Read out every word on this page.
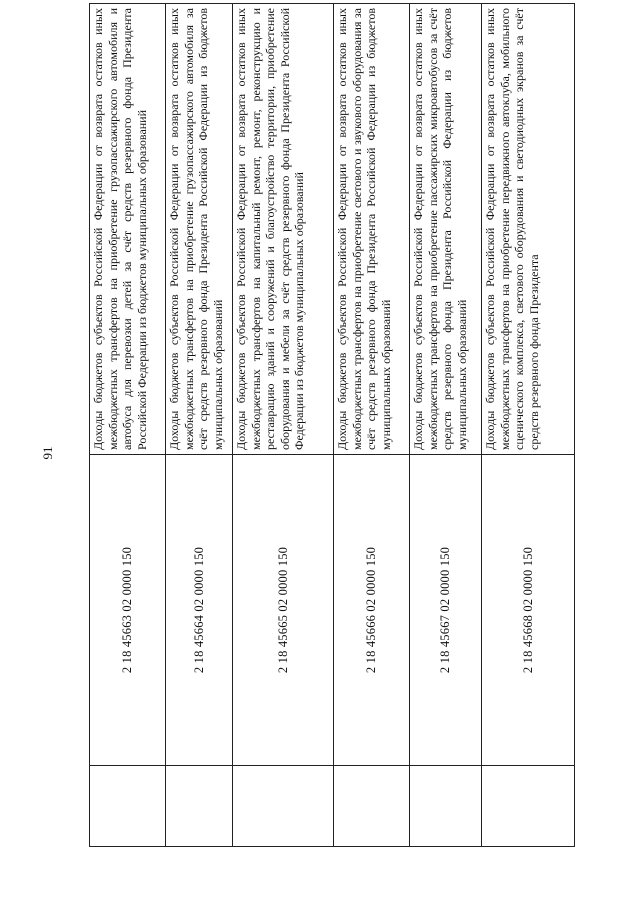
91
	2 18 45663 02 0000 150	Доходы бюджетов субъектов Российской Федерации от возврата остатков иных межбюджетных трансфертов на приобретение грузопассажирского автомобиля и автобуса для перевозки детей за счёт средств резервного фонда Президента Российской Федерации из бюджетов муниципальных образований
	2 18 45664 02 0000 150	Доходы бюджетов субъектов Российской Федерации от возврата остатков иных межбюджетных трансфертов на приобретение грузопассажирского автомобиля за счёт средств резервного фонда Президента Российской Федерации из бюджетов муниципальных образований
	2 18 45665 02 0000 150	Доходы бюджетов субъектов Российской Федерации от возврата остатков иных межбюджетных трансфертов на капитальный ремонт, ремонт, реконструкцию и реставрацию зданий и сооружений и благоустройство территории, приобретение оборудования и мебели за счёт средств резервного фонда Президента Российской Федерации из бюджетов муниципальных образований
	2 18 45666 02 0000 150	Доходы бюджетов субъектов Российской Федерации от возврата остатков иных межбюджетных трансфертов на приобретение светового и звукового оборудования за счёт средств резервного фонда Президента Российской Федерации из бюджетов муниципальных образований
	2 18 45667 02 0000 150	Доходы бюджетов субъектов Российской Федерации от возврата остатков иных межбюджетных трансфертов на приобретение пассажирских микроавтобусов за счёт средств резервного фонда Президента Российской Федерации из бюджетов муниципальных образований
	2 18 45668 02 0000 150	Доходы бюджетов субъектов Российской Федерации от возврата остатков иных межбюджетных трансфертов на приобретение передвижного автоклуба, мобильного сценического комплекса, светового оборудования и светодиодных экранов за счёт средств резервного фонда Президента
